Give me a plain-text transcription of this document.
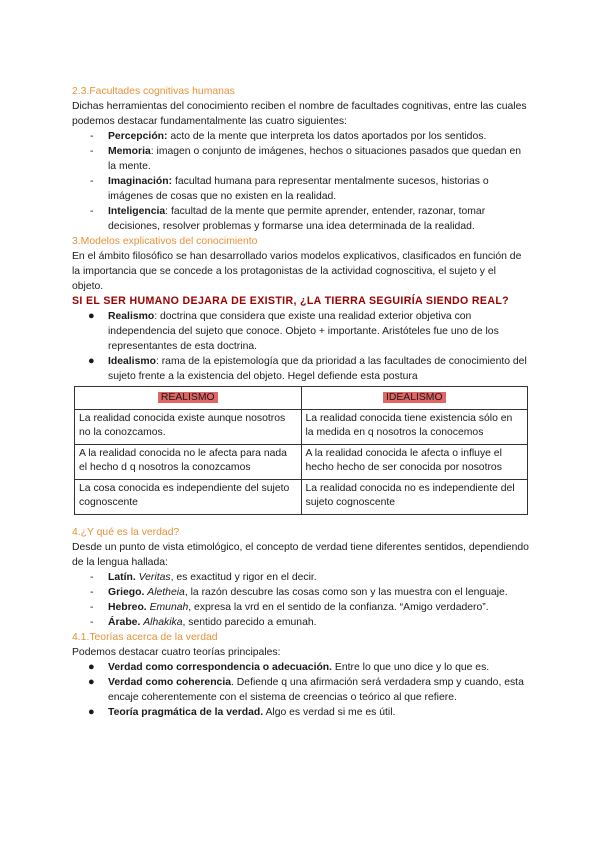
2.3.Facultades cognitivas humanas

Dichas herramientas del conocimiento reciben el nombre de facultades cognitivas, entre las cuales podemos destacar fundamentalmente las cuatro siguientes:

- Percepción: acto de la mente que interpreta los datos aportados por los sentidos.
- Memoria: imagen o conjunto de imágenes, hechos o situaciones pasados que quedan en la mente.
- Imaginación: facultad humana para representar mentalmente sucesos, historias o imágenes de cosas que no existen en la realidad.
- Inteligencia: facultad de la mente que permite aprender, entender, razonar, tomar decisiones, resolver problemas y formarse una idea determinada de la realidad.

3.Modelos explicativos del conocimiento

En el ámbito filosófico se han desarrollado varios modelos explicativos, clasificados en función de la importancia que se concede a los protagonistas de la actividad cognoscitiva, el sujeto y el objeto.

SI EL SER HUMANO DEJARA DE EXISTIR, ¿LA TIERRA SEGUIRÍA SIENDO REAL?

● Realismo: doctrina que considera que existe una realidad exterior objetiva con independencia del sujeto que conoce. Objeto + importante. Aristóteles fue uno de los representantes de esta doctrina.
● Idealismo: rama de la epistemología que da prioridad a las facultades de conocimiento del sujeto frente a la existencia del objeto. Hegel defiende esta postura
REALISMO	IDEALISMO
La realidad conocida existe aunque nosotros no la conozcamos.	La realidad conocida tiene existencia sólo en la medida en q nosotros la conocemos
A la realidad conocida no le afecta para nada el hecho d q nosotros la conozcamos	A la realidad conocida le afecta o influye el hecho hecho de ser conocida por nosotros
La cosa conocida es independiente del sujeto cognoscente	La realidad conocida no es independiente del sujeto cognoscente

4.¿Y qué es la verdad?

Desde un punto de vista etimológico, el concepto de verdad tiene diferentes sentidos, dependiendo de la lengua hallada:

- Latín. Veritas, es exactitud y rigor en el decir.
- Griego. Aletheia, la razón descubre las cosas como son y las muestra con el lenguaje.
- Hebreo. Emunah, expresa la vrd en el sentido de la confianza. “Amigo verdadero”.
- Árabe. Alhakika, sentido parecido a emunah.

4.1.Teorías acerca de la verdad

Podemos destacar cuatro teorías principales:

● Verdad como correspondencia o adecuación. Entre lo que uno dice y lo que es.
● Verdad como coherencia. Defiende q una afirmación será verdadera smp y cuando, esta encaje coherentemente con el sistema de creencias o teórico al que refiere.
● Teoría pragmática de la verdad. Algo es verdad si me es útil.
